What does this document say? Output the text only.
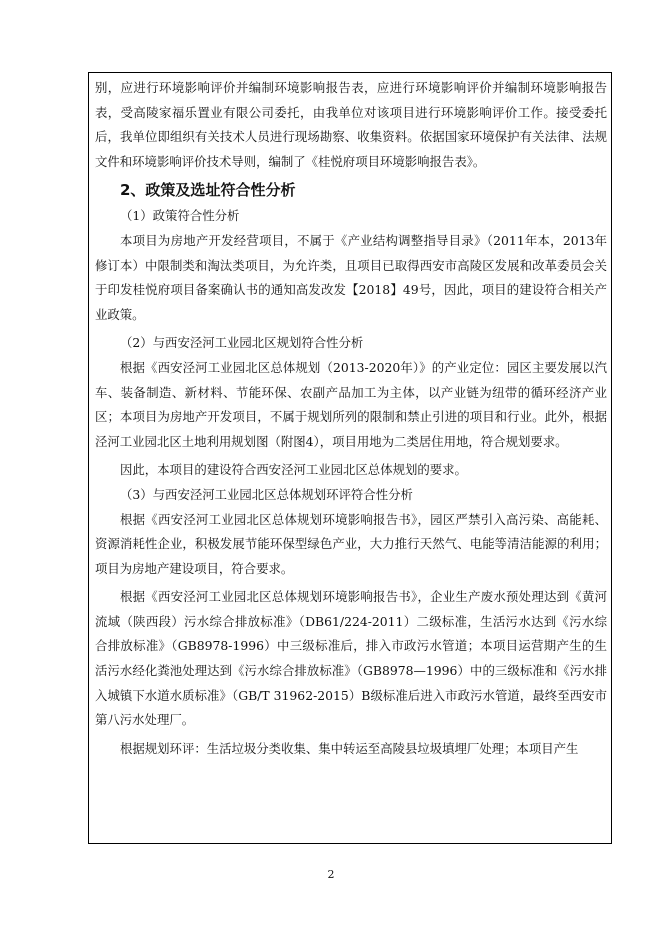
别，应进行环境影响评价并编制环境影响报告表，应进行环境影响评价并编制环境影响报告表，受高陵家福乐置业有限公司委托，由我单位对该项目进行环境影响评价工作。接受委托后，我单位即组织有关技术人员进行现场勘察、收集资料。依据国家环境保护有关法律、法规文件和环境影响评价技术导则，编制了《桂悦府项目环境影响报告表》。

2、政策及选址符合性分析

（1）政策符合性分析

本项目为房地产开发经营项目，不属于《产业结构调整指导目录》（2011年本，2013年修订本）中限制类和淘汰类项目，为允许类，且项目已取得西安市高陵区发展和改革委员会关于印发桂悦府项目备案确认书的通知高发改发【2018】49号，因此，项目的建设符合相关产业政策。

（2）与西安泾河工业园北区规划符合性分析

根据《西安泾河工业园北区总体规划（2013-2020年）》的产业定位：园区主要发展以汽车、装备制造、新材料、节能环保、农副产品加工为主体，以产业链为纽带的循环经济产业区；本项目为房地产开发项目，不属于规划所列的限制和禁止引进的项目和行业。此外，根据泾河工业园北区土地利用规划图（附图4），项目用地为二类居住用地，符合规划要求。

因此，本项目的建设符合西安泾河工业园北区总体规划的要求。

（3）与西安泾河工业园北区总体规划环评符合性分析

根据《西安泾河工业园北区总体规划环境影响报告书》，园区严禁引入高污染、高能耗、资源消耗性企业，积极发展节能环保型绿色产业，大力推行天然气、电能等清洁能源的利用；项目为房地产建设项目，符合要求。

根据《西安泾河工业园北区总体规划环境影响报告书》，企业生产废水预处理达到《黄河流域（陕西段）污水综合排放标准》（DB61/224-2011）二级标准，生活污水达到《污水综合排放标准》（GB8978-1996）中三级标准后，排入市政污水管道；本项目运营期产生的生活污水经化粪池处理达到《污水综合排放标准》（GB8978—1996）中的三级标准和《污水排入城镇下水道水质标准》（GB/T 31962-2015）B级标准后进入市政污水管道，最终至西安市第八污水处理厂。

根据规划环评：生活垃圾分类收集、集中转运至高陵县垃圾填埋厂处理；本项目产生

2
